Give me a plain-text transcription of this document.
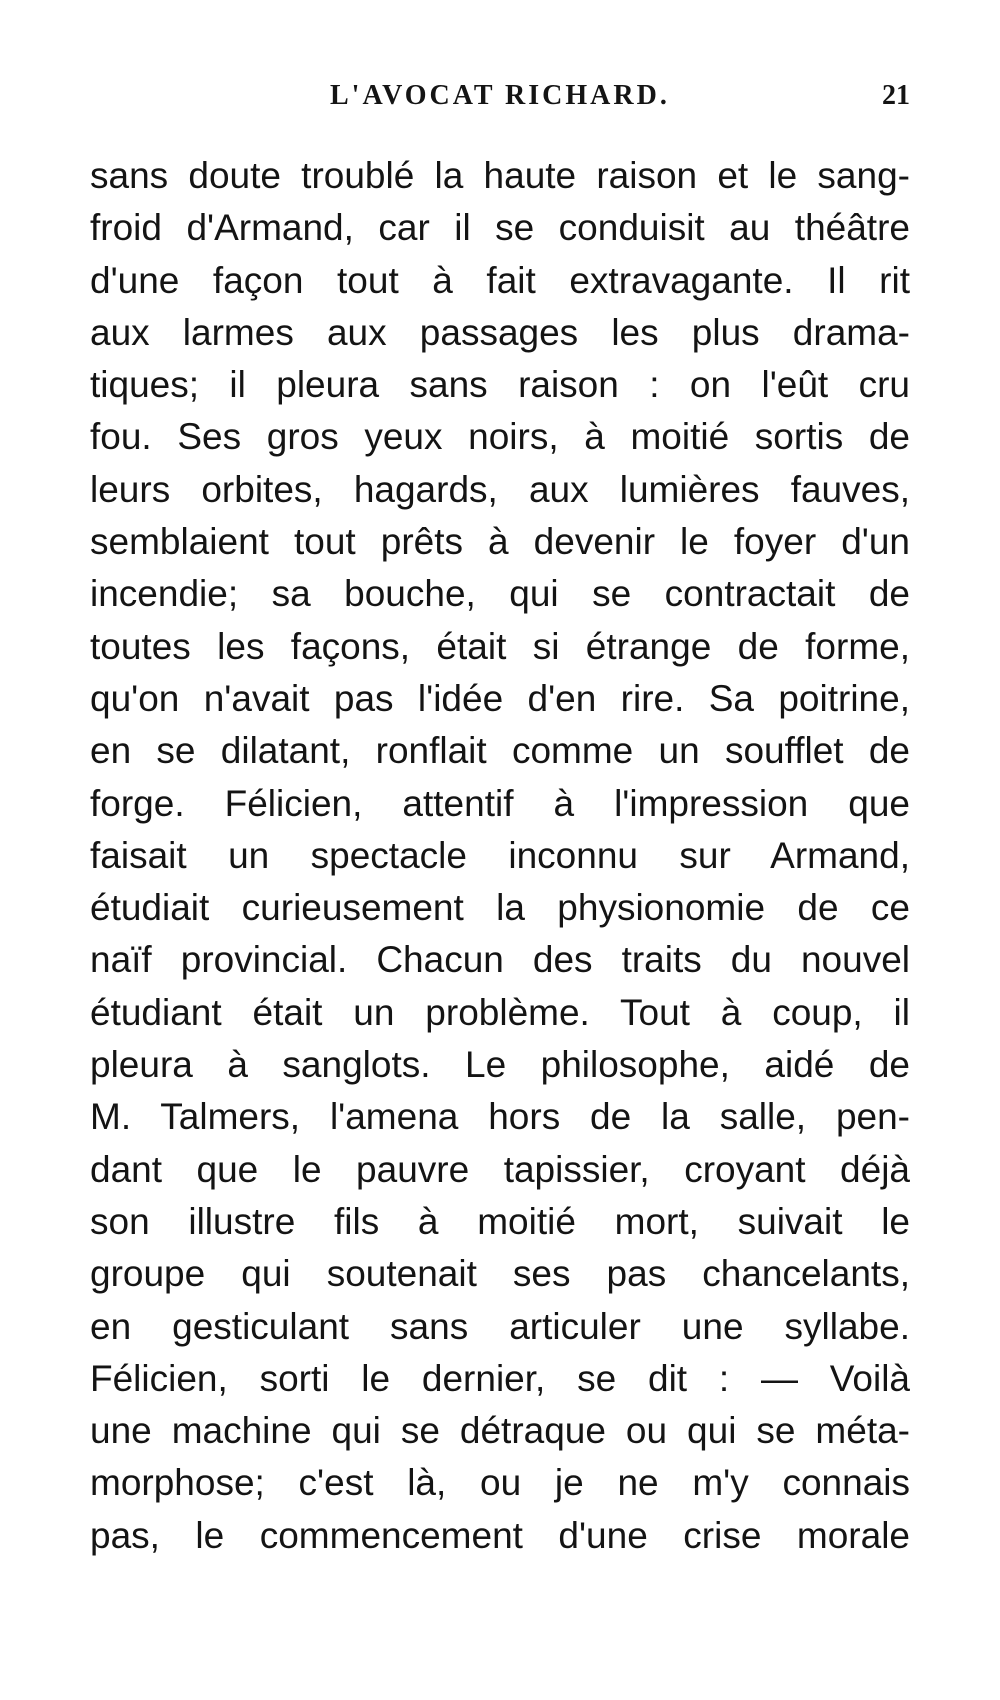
L'AVOCAT RICHARD.	21
sans doute troublé la haute raison et le sang-
froid d'Armand, car il se conduisit au théâtre
d'une façon tout à fait extravagante. Il rit
aux larmes aux passages les plus drama-
tiques; il pleura sans raison : on l'eût cru
fou. Ses gros yeux noirs, à moitié sortis de
leurs orbites, hagards, aux lumières fauves,
semblaient tout prêts à devenir le foyer d'un
incendie; sa bouche, qui se contractait de
toutes les façons, était si étrange de forme,
qu'on n'avait pas l'idée d'en rire. Sa poitrine,
en se dilatant, ronflait comme un soufflet de
forge. Félicien, attentif à l'impression que
faisait un spectacle inconnu sur Armand,
étudiait curieusement la physionomie de ce
naïf provincial. Chacun des traits du nouvel
étudiant était un problème. Tout à coup, il
pleura à sanglots. Le philosophe, aidé de
M. Talmers, l'amena hors de la salle, pen-
dant que le pauvre tapissier, croyant déjà
son illustre fils à moitié mort, suivait le
groupe qui soutenait ses pas chancelants,
en gesticulant sans articuler une syllabe.
Félicien, sorti le dernier, se dit : — Voilà
une machine qui se détraque ou qui se méta-
morphose; c'est là, ou je ne m'y connais
pas, le commencement d'une crise morale
